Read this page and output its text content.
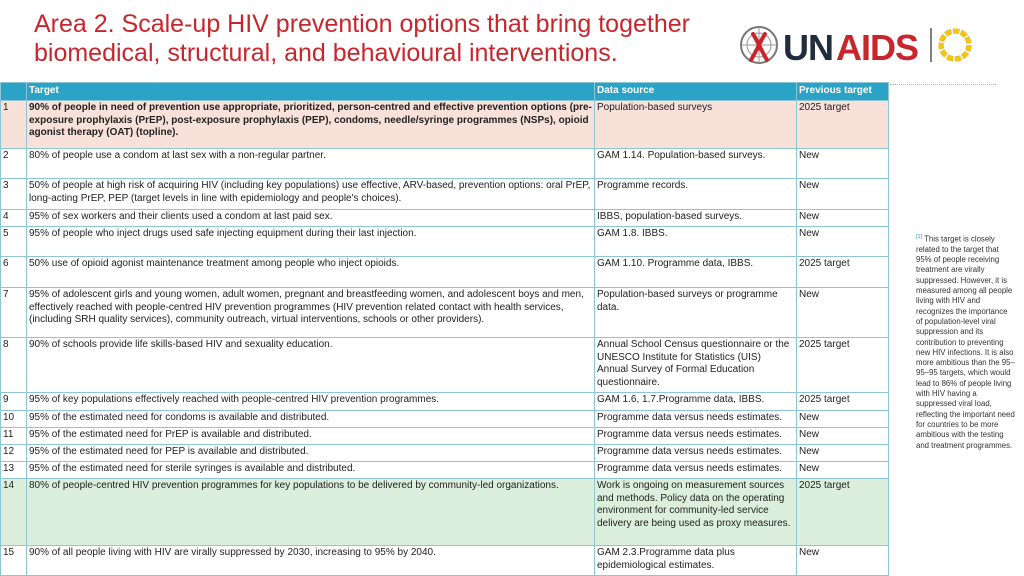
Area 2. Scale-up HIV prevention options that bring together
biomedical, structural, and behavioural interventions.	UN AIDS
	Target	Data source	Previous target
1	90% of people in need of prevention use appropriate, prioritized, person-centred and effective prevention options (pre-exposure prophylaxis (PrEP), post-exposure prophylaxis (PEP), condoms, needle/syringe programmes (NSPs), opioid agonist therapy (OAT) (topline).	Population-based surveys	2025 target
2	80% of people use a condom at last sex with a non-regular partner.	GAM 1.14. Population-based surveys.	New
3	50% of people at high risk of acquiring HIV (including key populations) use effective, ARV-based, prevention options: oral PrEP, long-acting PrEP, PEP (target levels in line with epidemiology and people's choices).	Programme records.	New
4	95% of sex workers and their clients used a condom at last paid sex.	IBBS, population-based surveys.	New
5	95% of people who inject drugs used safe injecting equipment during their last injection.	GAM 1.8. IBBS.	New
6	50% use of opioid agonist maintenance treatment among people who inject opioids.	GAM 1.10. Programme data, IBBS.	2025 target
7	95% of adolescent girls and young women, adult women, pregnant and breastfeeding women, and adolescent boys and men, effectively reached with people-centred HIV prevention programmes (HIV prevention related contact with health services, (including SRH quality services), community outreach, virtual interventions, schools or other providers).	Population-based surveys or programme data.	New
8	90% of schools provide life skills-based HIV and sexuality education.	Annual School Census questionnaire or the UNESCO Institute for Statistics (UIS) Annual Survey of Formal Education questionnaire.	2025 target
9	95% of key populations effectively reached with people-centred HIV prevention programmes.	GAM 1.6, 1.7.Programme data, IBBS.	2025 target
10	95% of the estimated need for condoms is available and distributed.	Programme data versus needs estimates.	New
11	95% of the estimated need for PrEP is available and distributed.	Programme data versus needs estimates.	New
12	95% of the estimated need for PEP is available and distributed.	Programme data versus needs estimates.	New
13	95% of the estimated need for sterile syringes is available and distributed.	Programme data versus needs estimates.	New
14	80% of people-centred HIV prevention programmes for key populations to be delivered by community-led organizations.	Work is ongoing on measurement sources and methods. Policy data on the operating environment for community-led service delivery are being used as proxy measures.	2025 target
15	90% of all people living with HIV are virally suppressed by 2030, increasing to 95% by 2040.	GAM 2.3.Programme data plus epidemiological estimates.	New
[1] This target is closely related to the target that 95% of people receiving treatment are virally suppressed. However, it is measured among all people living with HIV and recognizes the importance of population-level viral suppression and its contribution to preventing new HIV infections. It is also more ambitious than the 95–95–95 targets, which would lead to 86% of people living with HIV having a suppressed viral load, reflecting the important need for countries to be more ambitious with the testing and treatment programmes.
